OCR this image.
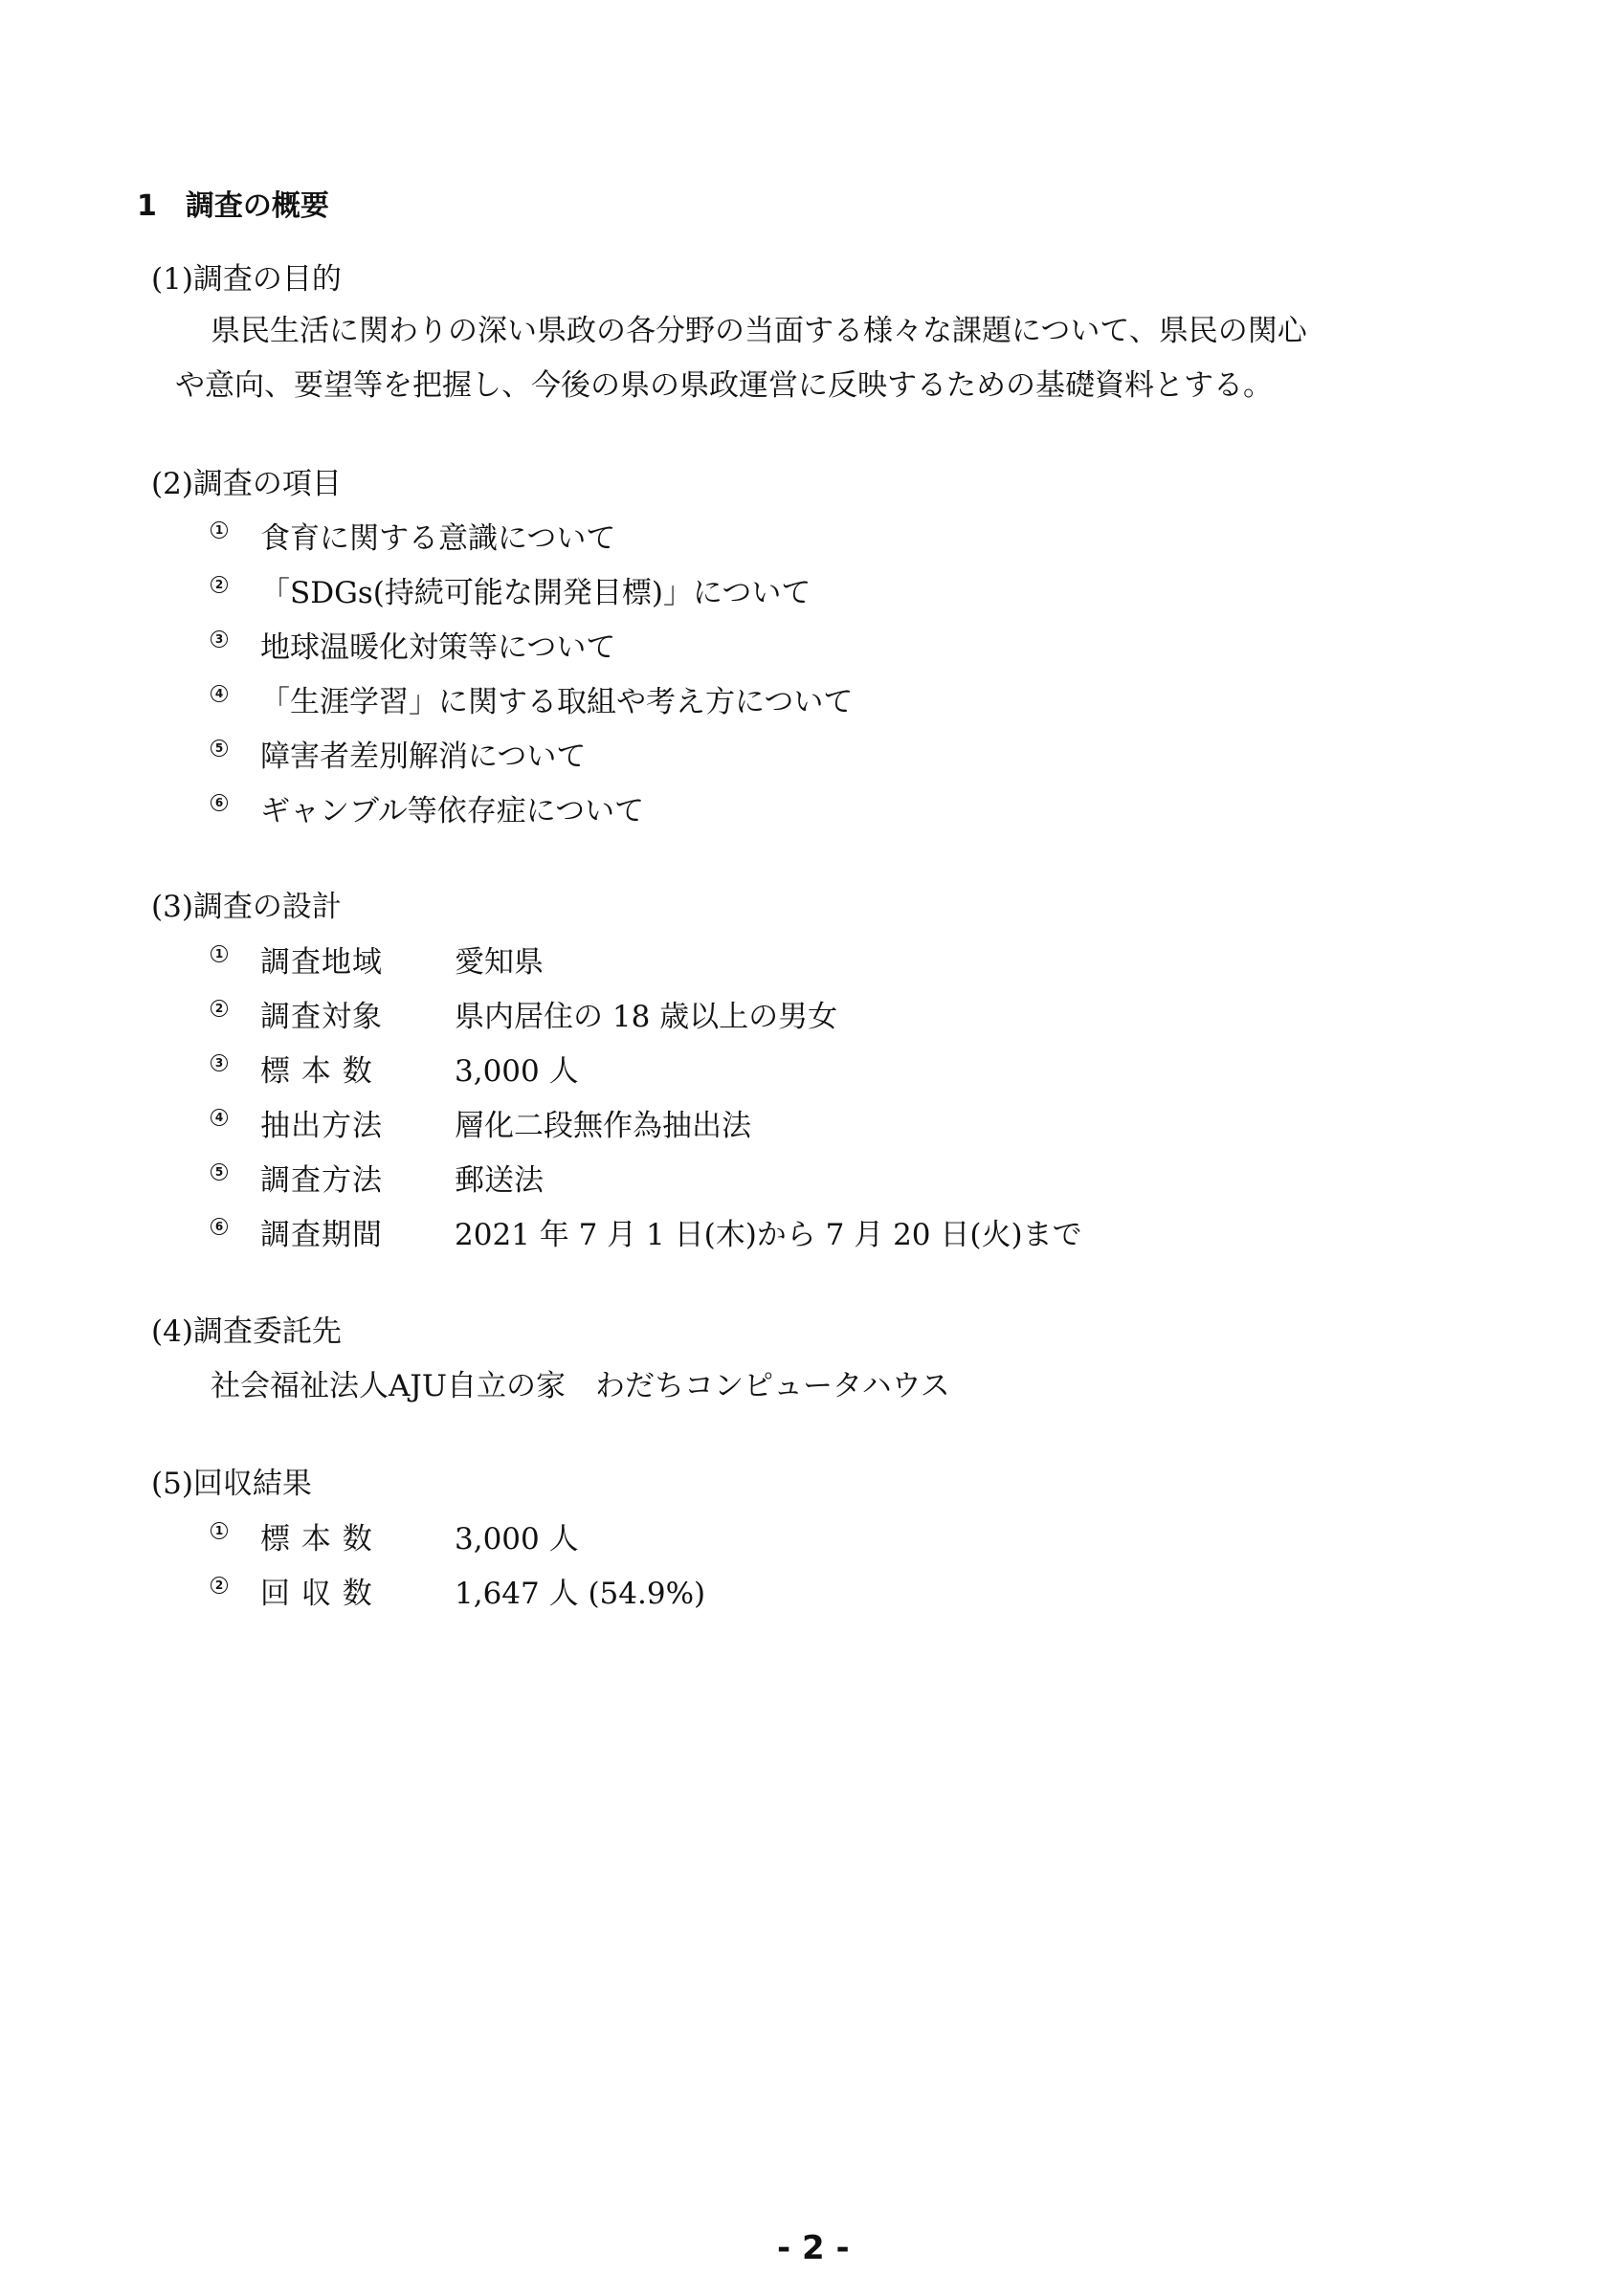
1　調査の概要
(1)調査の目的
県民生活に関わりの深い県政の各分野の当面する様々な課題について、県民の関心
や意向、要望等を把握し、今後の県の県政運営に反映するための基礎資料とする。
(2)調査の項目
1 食育に関する意識について
2 「SDGs(持続可能な開発目標)」について
3 地球温暖化対策等について
4 「生涯学習」に関する取組や考え方について
5 障害者差別解消について
6 ギャンブル等依存症について
(3)調査の設計
1 調査地域 愛知県
2 調査対象 県内居住の 18 歳以上の男女
3 標 本 数	3,000 人
4 抽出方法 層化二段無作為抽出法
5 調査方法 郵送法
6 調査期間 2021 年 7 月 1 日(木)から 7 月 20 日(火)まで
(4)調査委託先
社会福祉法人AJU自立の家　わだちコンピュータハウス
(5)回収結果
1 標 本 数	3,000 人
2 回 収 数	1,647 人 (54.9%)
- 2 -
